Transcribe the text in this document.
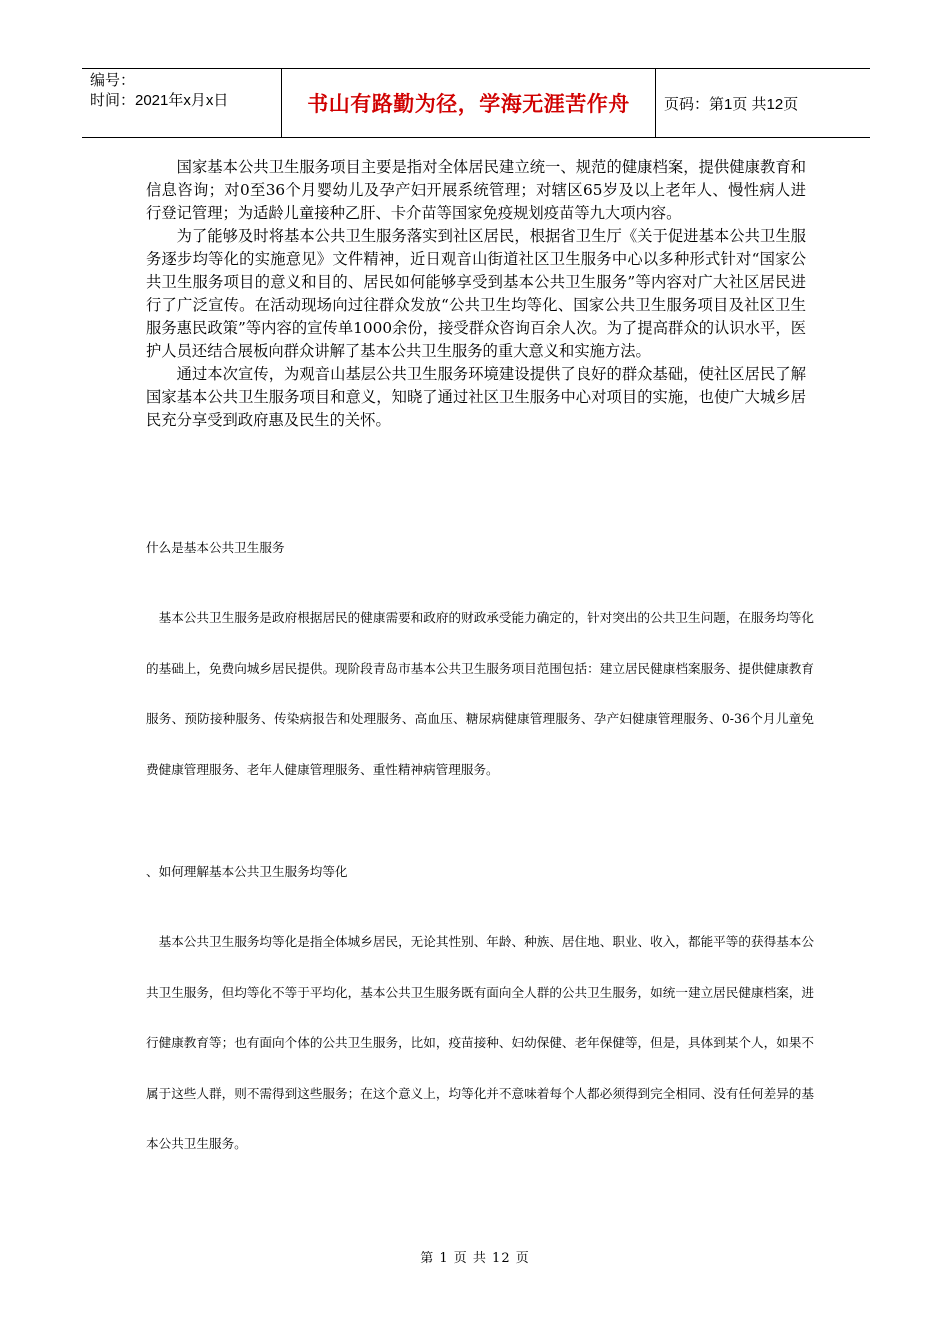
编号：
时间：2021年x月x日	书山有路勤为径，学海无涯苦作舟 页码：第1页 共12页

国家基本公共卫生服务项目主要是指对全体居民建立统一、规范的健康档案，提供健康教育和信息咨询；对0至36个月婴幼儿及孕产妇开展系统管理；对辖区65岁及以上老年人、慢性病人进行登记管理；为适龄儿童接种乙肝、卡介苗等国家免疫规划疫苗等九大项内容。

为了能够及时将基本公共卫生服务落实到社区居民，根据省卫生厅《关于促进基本公共卫生服务逐步均等化的实施意见》文件精神，近日观音山街道社区卫生服务中心以多种形式针对“国家公共卫生服务项目的意义和目的、居民如何能够享受到基本公共卫生服务”等内容对广大社区居民进行了广泛宣传。在活动现场向过往群众发放“公共卫生均等化、国家公共卫生服务项目及社区卫生服务惠民政策”等内容的宣传单1000余份，接受群众咨询百余人次。为了提高群众的认识水平，医护人员还结合展板向群众讲解了基本公共卫生服务的重大意义和实施方法。

通过本次宣传，为观音山基层公共卫生服务环境建设提供了良好的群众基础，使社区居民了解国家基本公共卫生服务项目和意义，知晓了通过社区卫生服务中心对项目的实施，也使广大城乡居民充分享受到政府惠及民生的关怀。

什么是基本公共卫生服务

基本公共卫生服务是政府根据居民的健康需要和政府的财政承受能力确定的，针对突出的公共卫生问题，在服务均等化的基础上，免费向城乡居民提供。现阶段青岛市基本公共卫生服务项目范围包括：建立居民健康档案服务、提供健康教育服务、预防接种服务、传染病报告和处理服务、高血压、糖尿病健康管理服务、孕产妇健康管理服务、0-36个月儿童免费健康管理服务、老年人健康管理服务、重性精神病管理服务。

、如何理解基本公共卫生服务均等化

基本公共卫生服务均等化是指全体城乡居民，无论其性别、年龄、种族、居住地、职业、收入，都能平等的获得基本公共卫生服务，但均等化不等于平均化，基本公共卫生服务既有面向全人群的公共卫生服务，如统一建立居民健康档案，进行健康教育等；也有面向个体的公共卫生服务，比如，疫苗接种、妇幼保健、老年保健等，但是，具体到某个人，如果不属于这些人群，则不需得到这些服务；在这个意义上，均等化并不意味着每个人都必须得到完全相同、没有任何差异的基本公共卫生服务。

第 1 页 共 12 页
